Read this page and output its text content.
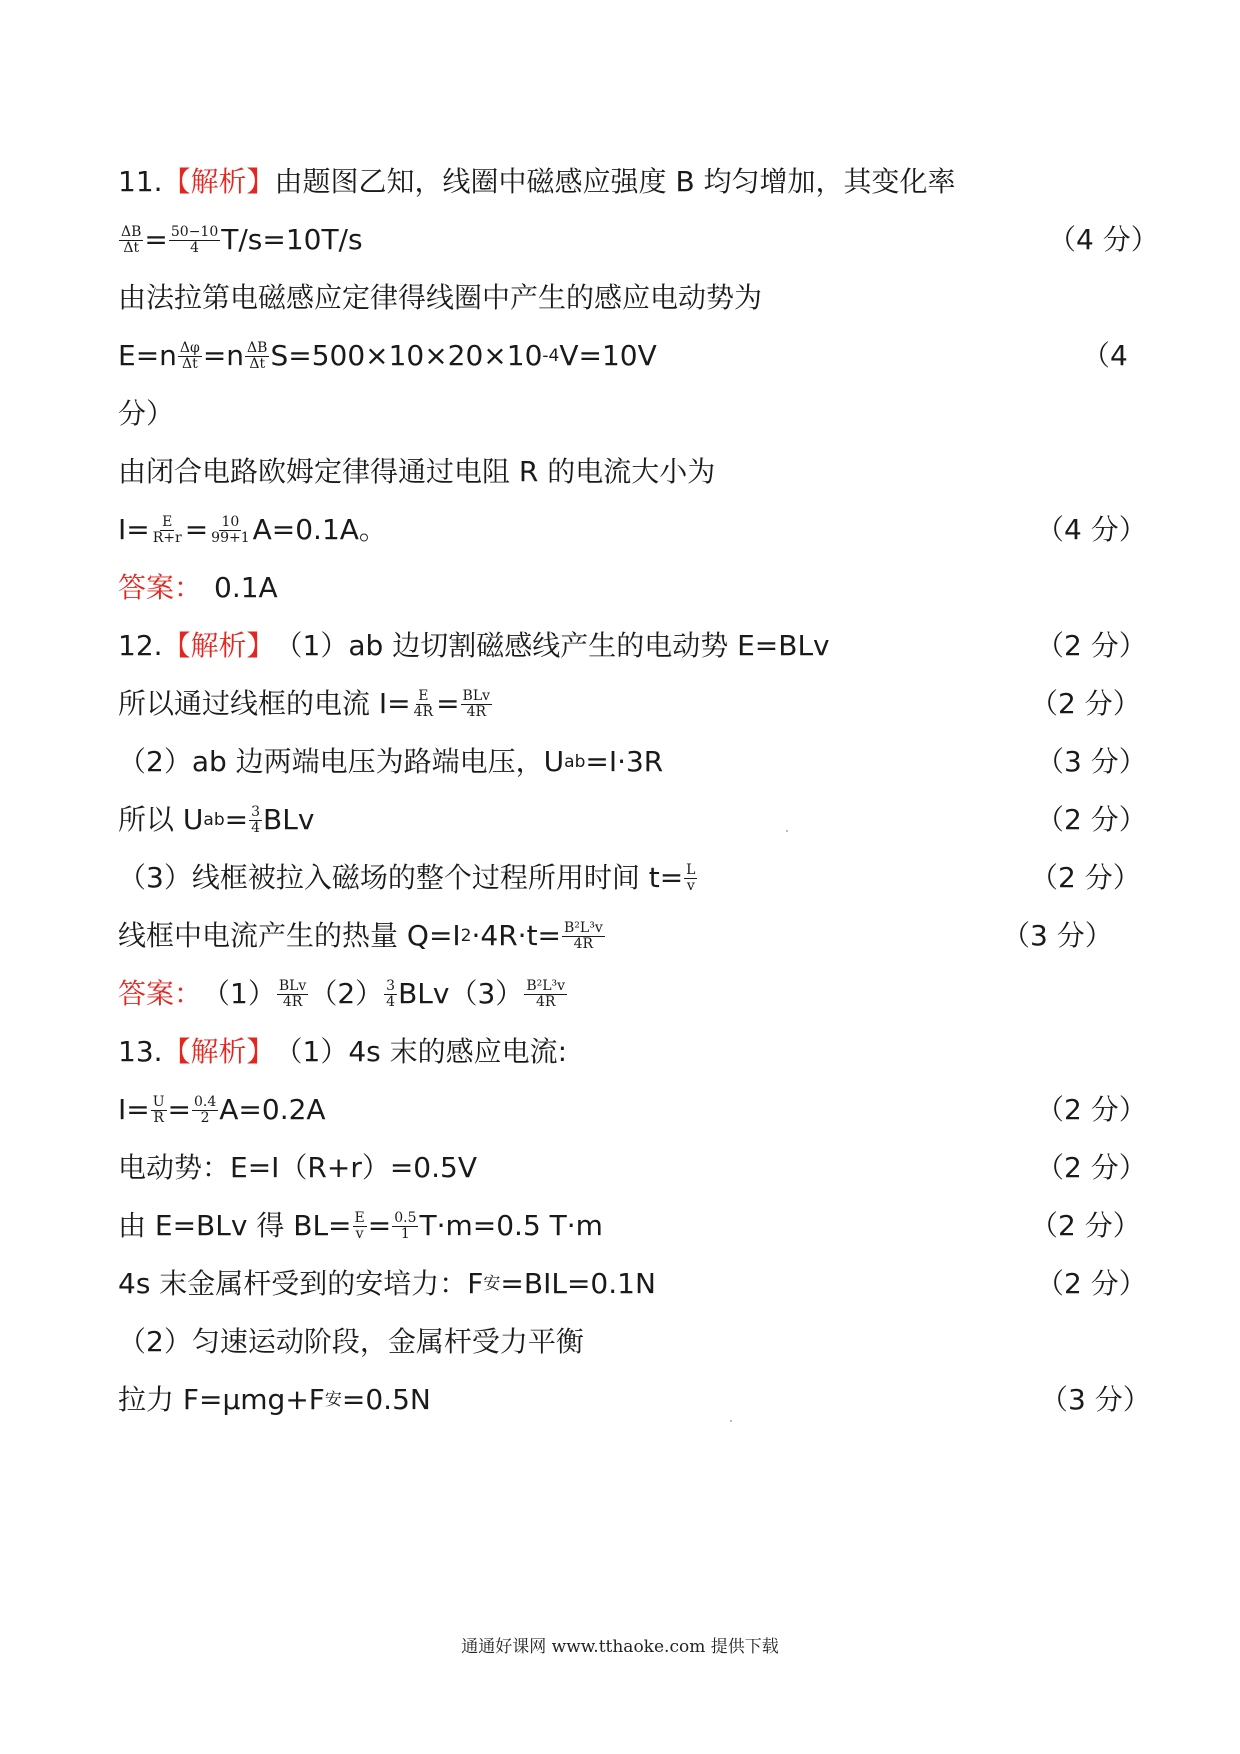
11. 【解析】 由题图乙知，线圈中磁感应强度 B 均匀增加，其变化率
$\frac{\Delta B}{\Delta t} = \frac{50-10}{4} T/s=10T/s$	（4 分）
由法拉第电磁感应定律得线圈中产生的感应电动势为
$E=n \frac{\Delta\varphi}{\Delta t} =n \frac{\Delta B}{\Delta t} S=500\times 10\times 20\times 10$ -4 V=10V	（4
分）
由闭合电路欧姆定律得通过电阻 R 的电流大小为
$I= \frac{E}{R+r} = \frac{10}{99+1} A=0.1A$。	（4 分）
答案： 0.1A
12. 【解析】 （1）ab 边切割磁感线产生的电动势 E=BLv	（2 分）
所以通过线框的电流 $I= \frac{E}{4R} = \frac{\text{BLv}}{4R}$	（2 分）
（2）ab 边两端电压为路端电压，U ab =I·3R	（3 分）
所以 U ab = $\frac{3}{4}$ BLv	（2 分）
（3）线框被拉入磁场的整个过程所用时间 $t= \frac{L}{v}$	（2 分）
线框中电流产生的热量 Q=I $2 \cdot 4R\cdot t= \frac{\text{B²L³v}}{4R}$	（3 分）
答案： $(1) \frac{\text{BLv}}{4R} (2) \frac{3}{4}$ BLv $(3) \frac{\text{B²L³v}}{4R}$
13. 【解析】 （1）4s 末的感应电流:
$I= \frac{U}{R} = \frac{0.4}{2} A=0.2A$	（2 分）
电动势：E=I（R+r）=0.5V	（2 分）
由 E=BLv 得 $BL= \frac{E}{v} = \frac{0.5}{1} T\cdot m=0.5$ T·m	（2 分）
4s 末金属杆受到的安培力：F 安 =BIL=0.1N	（2 分）
（2）匀速运动阶段，金属杆受力平衡
拉力 F=μmg+F 安 =0.5N	（3 分）
通通好课网 www.tthaoke.com 提供下载
